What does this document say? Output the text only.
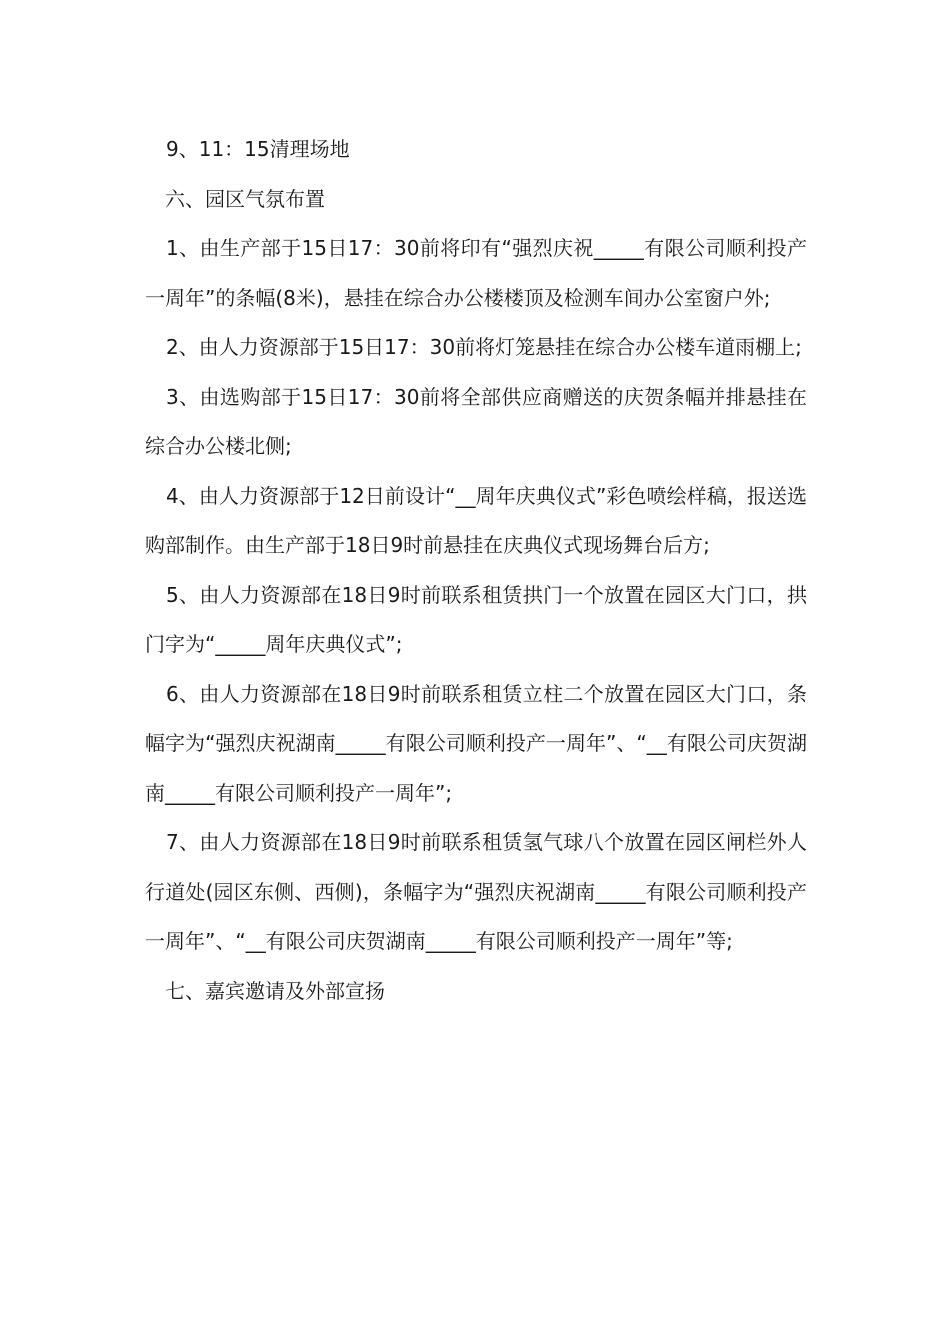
9、11：15清理场地

六、园区气氛布置

1、由生产部于15日17：30前将印有“强烈庆祝_____有限公司顺利投产一周年”的条幅(8米)，悬挂在综合办公楼楼顶及检测车间办公室窗户外;

2、由人力资源部于15日17：30前将灯笼悬挂在综合办公楼车道雨棚上;

3、由选购部于15日17：30前将全部供应商赠送的庆贺条幅并排悬挂在综合办公楼北侧;

4、由人力资源部于12日前设计“__周年庆典仪式”彩色喷绘样稿，报送选购部制作。由生产部于18日9时前悬挂在庆典仪式现场舞台后方;

5、由人力资源部在18日9时前联系租赁拱门一个放置在园区大门口，拱门字为“_____周年庆典仪式”;

6、由人力资源部在18日9时前联系租赁立柱二个放置在园区大门口，条幅字为“强烈庆祝湖南_____有限公司顺利投产一周年”、“__有限公司庆贺湖南_____有限公司顺利投产一周年”;

7、由人力资源部在18日9时前联系租赁氢气球八个放置在园区闸栏外人行道处(园区东侧、西侧)，条幅字为“强烈庆祝湖南_____有限公司顺利投产一周年”、“__有限公司庆贺湖南_____有限公司顺利投产一周年”等;

七、嘉宾邀请及外部宣扬
